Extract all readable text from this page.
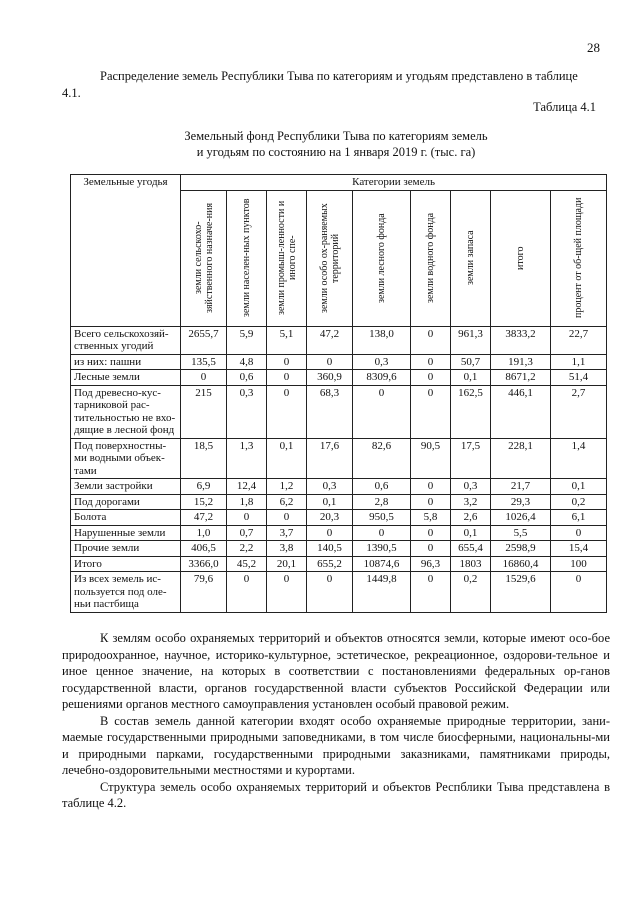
28

Распределение земель Республики Тыва по категориям и угодьям представлено в таблице
4.1.

Таблица 4.1
Земельный фонд Республики Тыва по категориям земель
и угодьям по состоянию на 1 января 2019 г. (тыс. га)
Земельные угодья	Категории земель								

	земли сельскохо-зяйственного назначе-ния	земли населен-ных пунктов	земли промыш-ленности и иного спе-	земли особо ох-раняемых территорий	земли лесного фонда	земли водного фонда	земли запаса	итого	процент от об-щей площади

Всего сельскохозяй-ственных угодий	2655,7	5,9	5,1	47,2	138,0	0	961,3	3833,2	22,7
из них: пашни	135,5	4,8	0	0	0,3	0	50,7	191,3	1,1
Лесные земли	0	0,6	0	360,9	8309,6	0	0,1	8671,2	51,4
Под древесно-кус-тарниковой рас-тительностью не вхо-дящие в лесной фонд	215	0,3	0	68,3	0	0	162,5	446,1	2,7
Под поверхностны-ми водными объек-тами	18,5	1,3	0,1	17,6	82,6	90,5	17,5	228,1	1,4
Земли застройки	6,9	12,4	1,2	0,3	0,6	0	0,3	21,7	0,1
Под дорогами	15,2	1,8	6,2	0,1	2,8	0	3,2	29,3	0,2
Болота	47,2	0	0	20,3	950,5	5,8	2,6	1026,4	6,1
Нарушенные земли	1,0	0,7	3,7	0	0	0	0,1	5,5	0
Прочие земли	406,5	2,2	3,8	140,5	1390,5	0	655,4	2598,9	15,4
Итого	3366,0	45,2	20,1	655,2	10874,6	96,3	1803	16860,4	100
Из всех земель ис-пользуется под оле-ньи пастбища	79,6	0	0	0	1449,8	0	0,2	1529,6	0

К землям особо охраняемых территорий и объектов относятся земли, которые имеют осо-бое природоохранное, научное, историко-культурное, эстетическое, рекреационное, оздорови-тельное и иное ценное значение, на которых в соответствии с постановлениями федеральных ор-ганов государственной власти, органов государственной власти субъектов Российской Федерации или решениями органов местного самоуправления установлен особый правовой режим.

В состав земель данной категории входят особо охраняемые природные территории, зани-маемые государственными природными заповедниками, в том числе биосферными, национальны-ми и природными парками, государственными природными заказниками, памятниками природы, лечебно-оздоровительными местностями и курортами.

Структура земель особо охраняемых территорий и объектов Респблики Тыва представлена в таблице 4.2.
